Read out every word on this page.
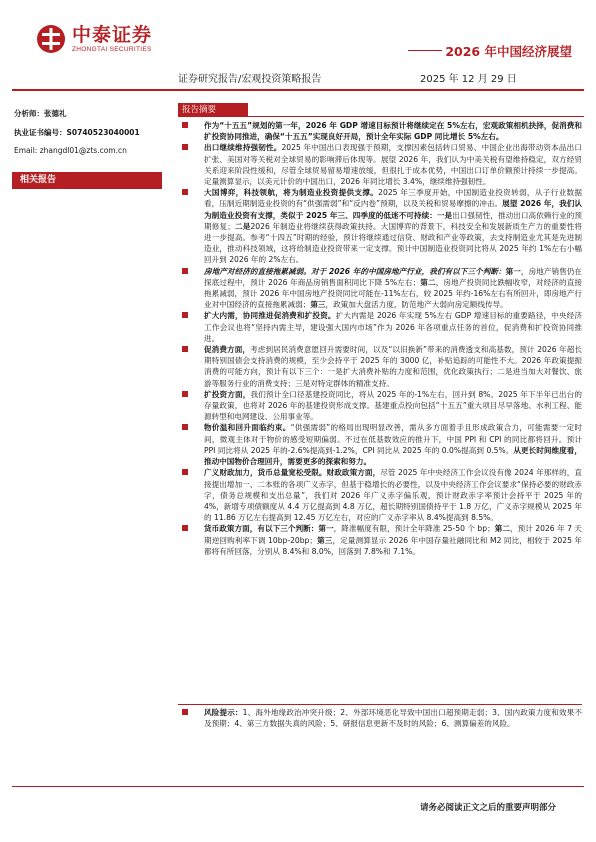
中泰证券
ZHONGTAI SECURITIES	2026 年中国经济展望
证券研究报告/宏观投资策略报告	2025 年 12 月 29 日
分析师：张德礼
执业证书编号：S0740523040001
Email: zhangdl01@zts.com.cn
相关报告
报告摘要
作为“十五五”规划的第一年，2026 年 GDP 增速目标预计将继续定在 5%左右，宏观政策相机抉择，促消费和扩投资协同推进，确保“十五五”实现良好开局，预计全年实际 GDP 同比增长 5%左右。
出口继续维持强韧性。2025 年中国出口表现强于预期，支撑因素包括转口贸易、中国企业出海带动资本品出口扩张、美国对等关税对全球贸易的影响滞后体现等。展望 2026 年，我们认为中美关税有望维持稳定，双方经贸关系迎来阶段性缓和，尽管全球贸易留易增速放缓，但很扎于成本优势，中国出口订单价额预计持续一步提高。定量测算显示，以美元计价的中国出口，2026 年同比增长 3.4%，继续维持强韧性。
大国博弈，科技领航，将为制造业投资提供支撑。2025 年三季度开始，中国制造业投资转弱，从子行业数据看，压制近期制造业投资的有“供强需弱”和“反内卷”预期，以及关税和贸易摩擦的冲击。展望 2026 年，我们认为制造业投资有支撑，类似于 2025 年三、四季度的低迷不可持续：一是出口强韧性，推动出口高依赖行业的预期修复；二是2026 年制造业将继续获得政策扶持。大国博弈的背景下，科技安全和发展新质生产力的重要性将进一步提高。参考“十四五”时期的经验，预计将继续通过信贷、财政和产业等政策，去支持制造业尤其是先进制造业，推动科技领域，这将给制造业投资带来一定支撑。预计中国制造业投资同比将从 2025 年约 1%左右小幅回升到 2026 年的 2%左右。
房地产对经济的直接拖累减弱。对于 2026 年的中国房地产行业，我们有以下三个判断：第一，房地产销售仍在探底过程中，预计 2026 年商品房销售面积同比下降 5%左右；第二，房地产投资同比跌幅收窄，对经济的直接拖累减弱，预计 2026 年中国房地产投资同比可能在-11%左右，较 2025 年约-16%左右有所回升，即房地产行业对中国经济的直接拖累减弱；第三，政策加大盘活力度，防范地产大弱向房定额线传导。
扩大内需，协同推进促消费和扩投资。扩大内需是 2026 年实现 5%左右 GDP 增速目标的重要路径，中央经济工作会议也将“坚持内需主导，建设强大国内市场”作为 2026 年各项重点任务的首位，促消费和扩投资协同推进。
促消费方面，考虑到居民消费意愿回升需要时间，以及“以旧换新”带来的消费透支和高基数，预计 2026 年超长期特别国债会支持消费的规模，至少会持平于 2025 年的 3000 亿，补贴追踪的可能性不大。2026 年政策提振消费的可能方向，预计有以下三个：一是扩大消费补贴的力度和范围，优化政策执行；二是进当加大对餐饮、旅游等服务行业的消费支持；三是对特定群体的精准支持。
扩投资方面，我们预计全口径基建投资同比，将从 2025 年的-1%左右，回升到 8%。2025 年下半年已出台的存量政策，也将对 2026 年的基建投资形成支撑。基建重点投向包括“十五五”重大项目尽早落地、水利工程、能源转型和电网建设、公用事业等。
物价温和回升面临约束。“供强需弱”的格局出现明显改善，需从多方面着手且形成政策合力，可能需要一定时间，微观主体对于物价的感受短期偏弱。不过在低基数效应的推升下，中国 PPI 和 CPI 的同比都将回升。预计 PPI 同比将从 2025 年的-2.6%提高到-1.2%，CPI 同比从 2025 年的 0.0%提高到 0.5%。从更长时间维度看，推动中国物价合理回升，需要更多的探索和努力。
广义财政加力，货币总量宽松受限。财政政策方面，尽管 2025 年中央经济工作会议没有像 2024 年那样的，直接提出增加一、二本账的各项广义赤字，但基于稳增长的必要性，以及中央经济工作会议要求“保持必要的财政赤字，债务总规模和支出总量”，我们对 2026 年广义赤字偏乐观，预计财政赤字率预计会持平于 2025 年的 4%，新增专项债额度从 4.4 万亿提高到 4.8 万亿，超长期特别国债持平于 1.8 万亿，广义赤字规模从 2025 年的 11.86 万亿左右提高到 12.45 万亿左右，对应的广义赤字率从 8.4%提高到 8.5%。
货币政策方面，有以下三个判断：第一，降准幅度有限，预计全年降准 25-50 个 bp；第二，预计 2026 年 7 天期逆回购利率下调 10bp-20bp；第三，定量测算显示 2026 年中国存量社融同比和 M2 同比，相较于 2025 年都将有所回落，分别从 8.4%和 8.0%，回落到 7.8%和 7.1%。
风险提示：1、海外地缘政治冲突升级；2、外部环境恶化导致中国出口超预期走弱；3、国内政策力度和效果不及预期；4、第三方数据失真的风险；5、研报信息更新不及时的风险；6、测算偏差的风险。
请务必阅读正文之后的重要声明部分
